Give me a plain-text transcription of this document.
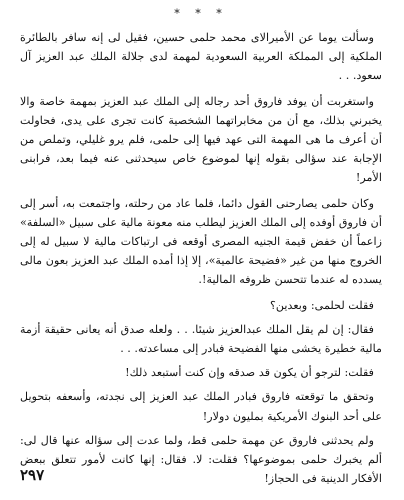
* * *

وسألت يوما عن الأميرالاى محمد حلمى حسين، فقيل لى إنه سافر بالطائرة الملكية إلى المملكة العربية السعودية لمهمة لدى جلالة الملك عبد العزيز آل سعود. . .

واستغربت أن يوفد فاروق أحد رجاله إلى الملك عبد العزيز بمهمة خاصة والا يخبرني بذلك، مع أن من مخابراتهما الشخصية كانت تجرى على يدى، فحاولت أن أعرف ما هى المهمة التى عهد فيها إلى حلمى، فلم يرو غليلي، وتملص من الإجابة عند سؤالى بقوله إنها لموضوع خاص سيحدثنى عنه فيما بعد، فرابنى الأمر!

وكان حلمى يصارحنى القول دائما، فلما عاد من رحلته، واجتمعت به، أسر إلى أن فاروق أوفده إلى الملك العزيز ليطلب منه معونة مالية على سبيل «السلفة» زاعماً أن خفض قيمة الجنيه المصرى أوقعه فى ارتباكات مالية لا سبيل له إلى الخروج منها من غير «فضيحة عالمية»، إلا إذا أمده الملك عبد العزيز بعون مالى يسدده له عندما تتحسن ظروفه المالية!.

فقلت لحلمى: وبعدين؟

فقال: إن لم يقل الملك عبدالعزيز شيئا. . . ولعله صدق أنه يعانى حقيقة أزمة مالية خطيرة يخشى منها الفضيحة فبادر إلى مساعدته. . .

فقلت: لترجو أن يكون قد صدقه وإن كنت أستبعد ذلك!

وتحقق ما توقعته فاروق فبادر الملك عبد العزيز إلى نجدته، وأسعفه بتحويل على أحد البنوك الأمريكية بمليون دولار!

ولم يحدثنى فاروق عن مهمة حلمى قط، ولما عدت إلى سؤاله عنها قال لى: ألم يخبرك حلمى بموضوعها؟ فقلت: لا. فقال: إنها كانت لأمور تتعلق ببعض الأفكار الدينية فى الحجاز!

٢٩٧
